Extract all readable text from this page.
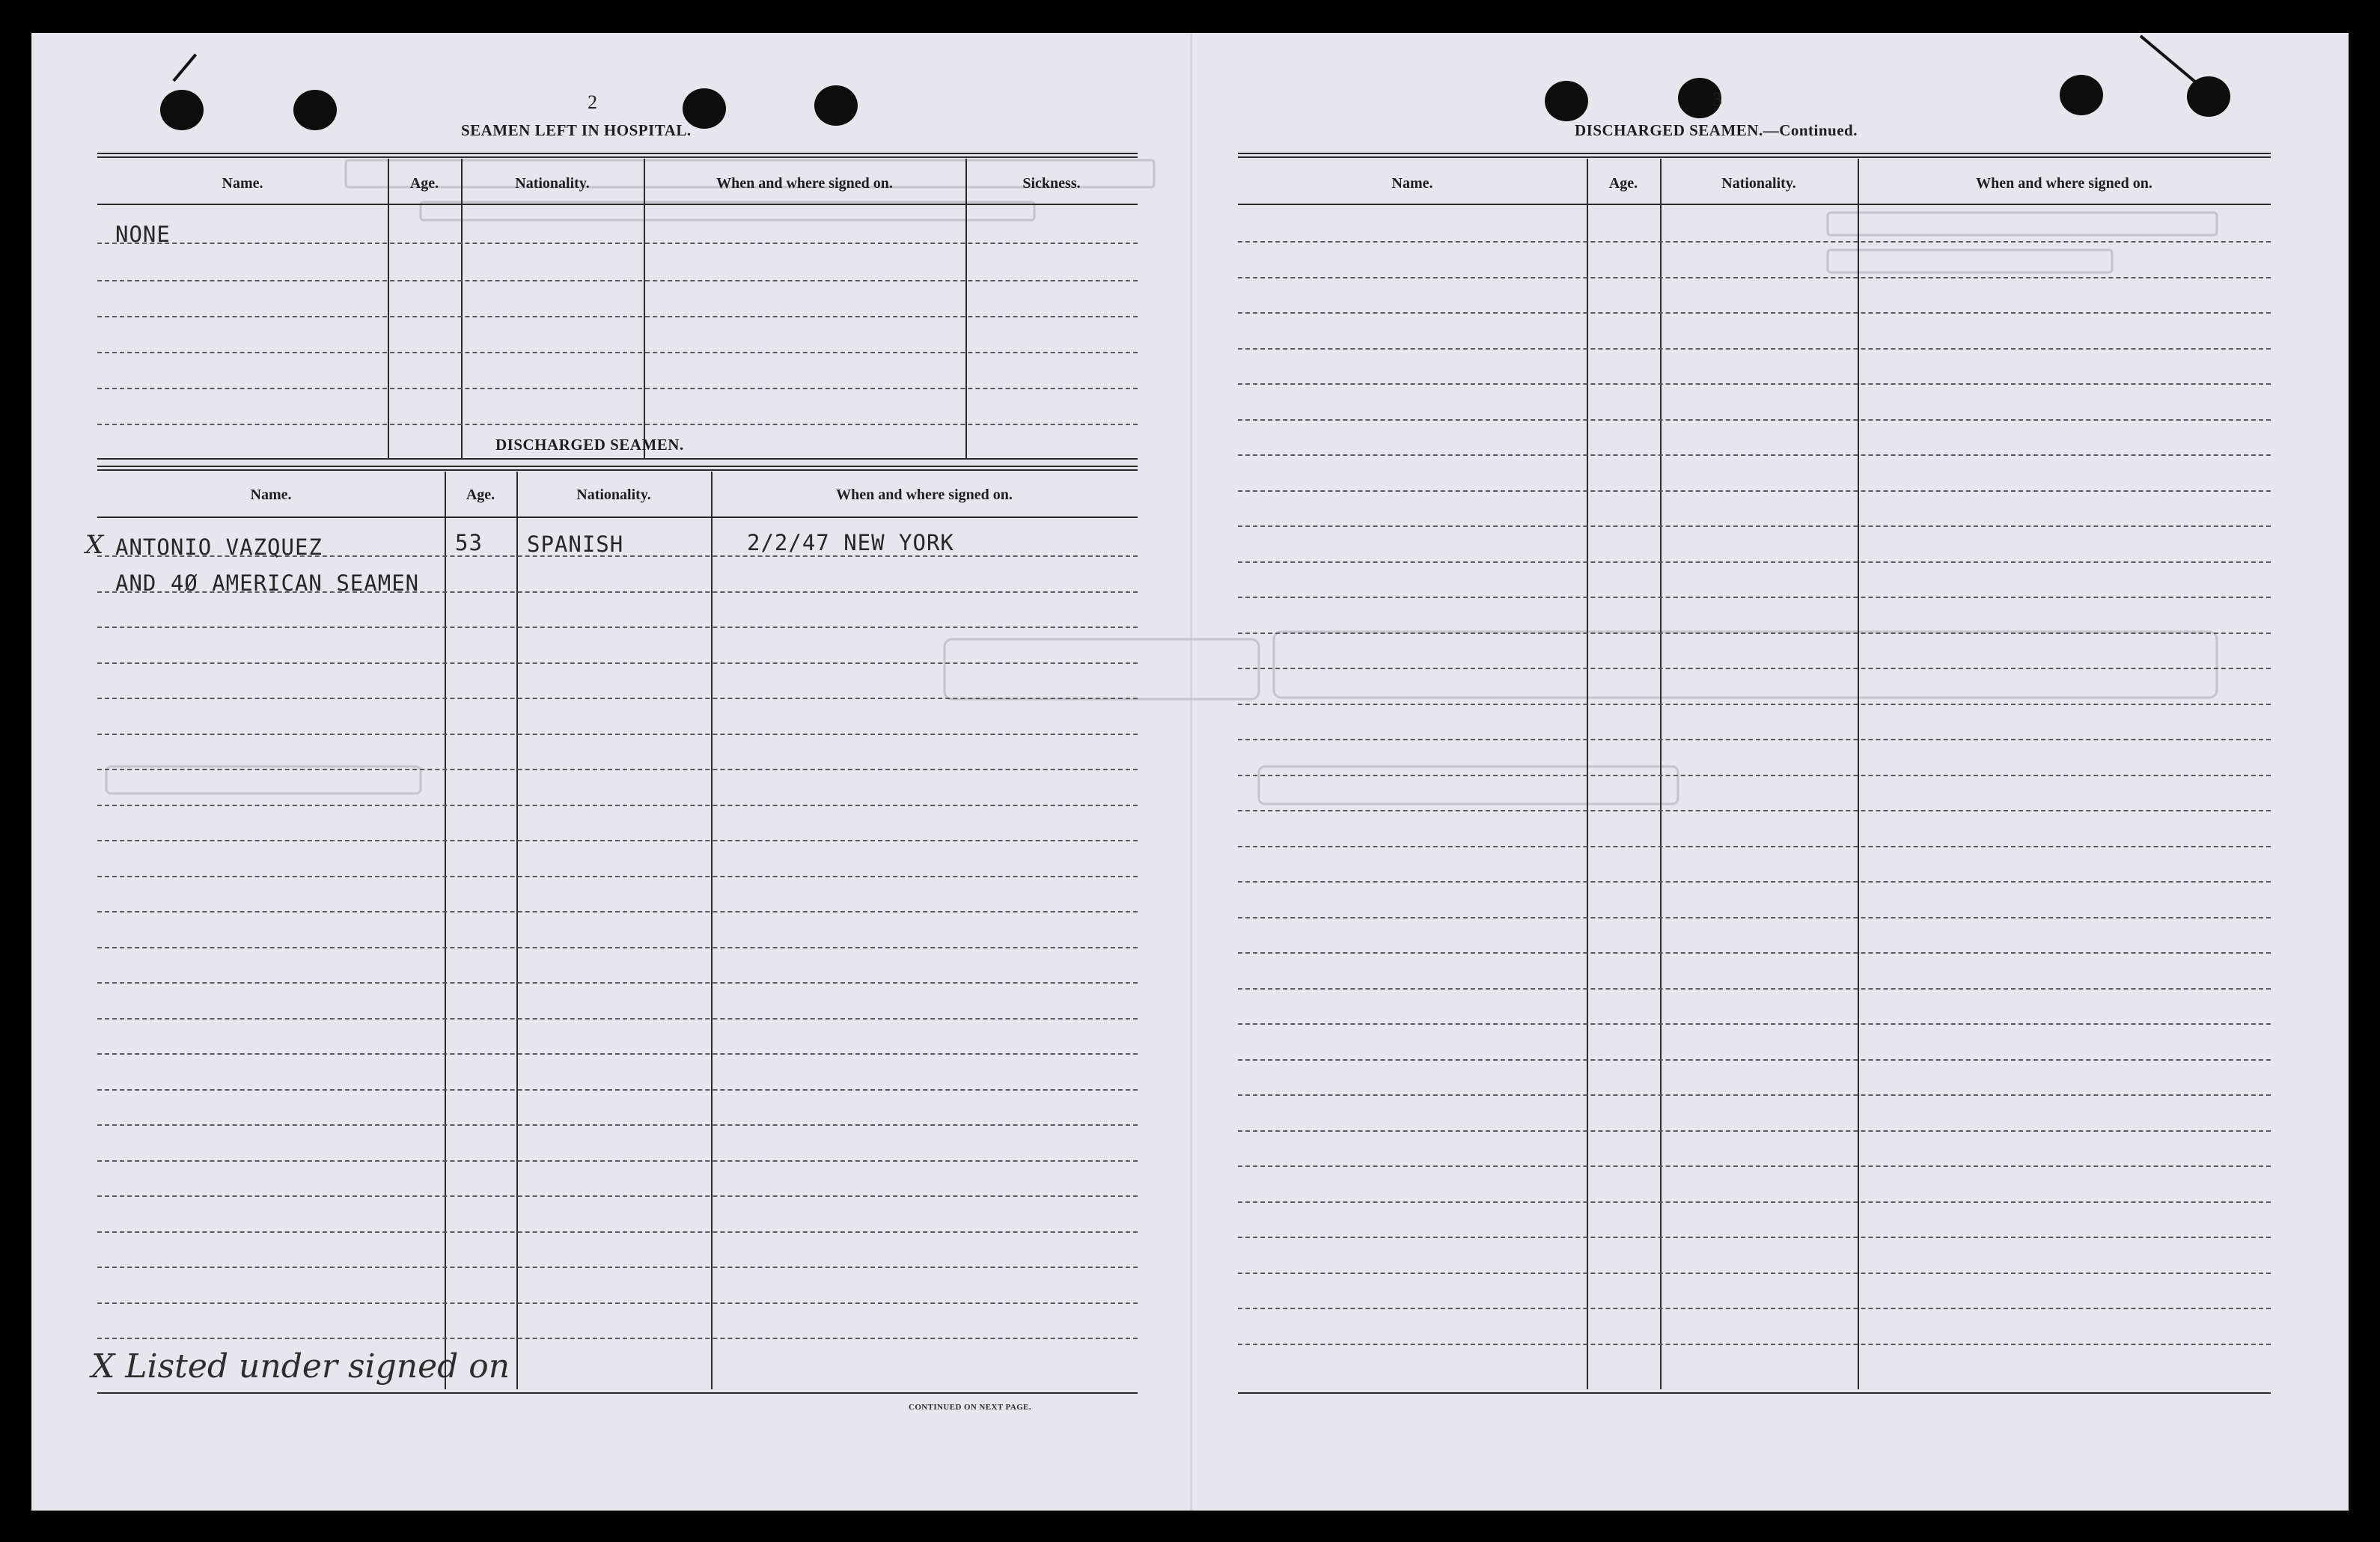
2
SEAMEN LEFT IN HOSPITAL.
Name.	Age.	Nationality.	When and where signed on.	Sickness.
NONE
DISCHARGED SEAMEN.
Name.	Age.	Nationality.	When and where signed on.
X ANTONIO VAZQUEZ	53 SPANISH	2/2/47 NEW YORK
AND 4Ø AMERICAN SEAMEN
X Listed under signed on
CONTINUED ON NEXT PAGE.
3
DISCHARGED SEAMEN.—Continued.
Name.	Age.	Nationality.	When and where signed on.
